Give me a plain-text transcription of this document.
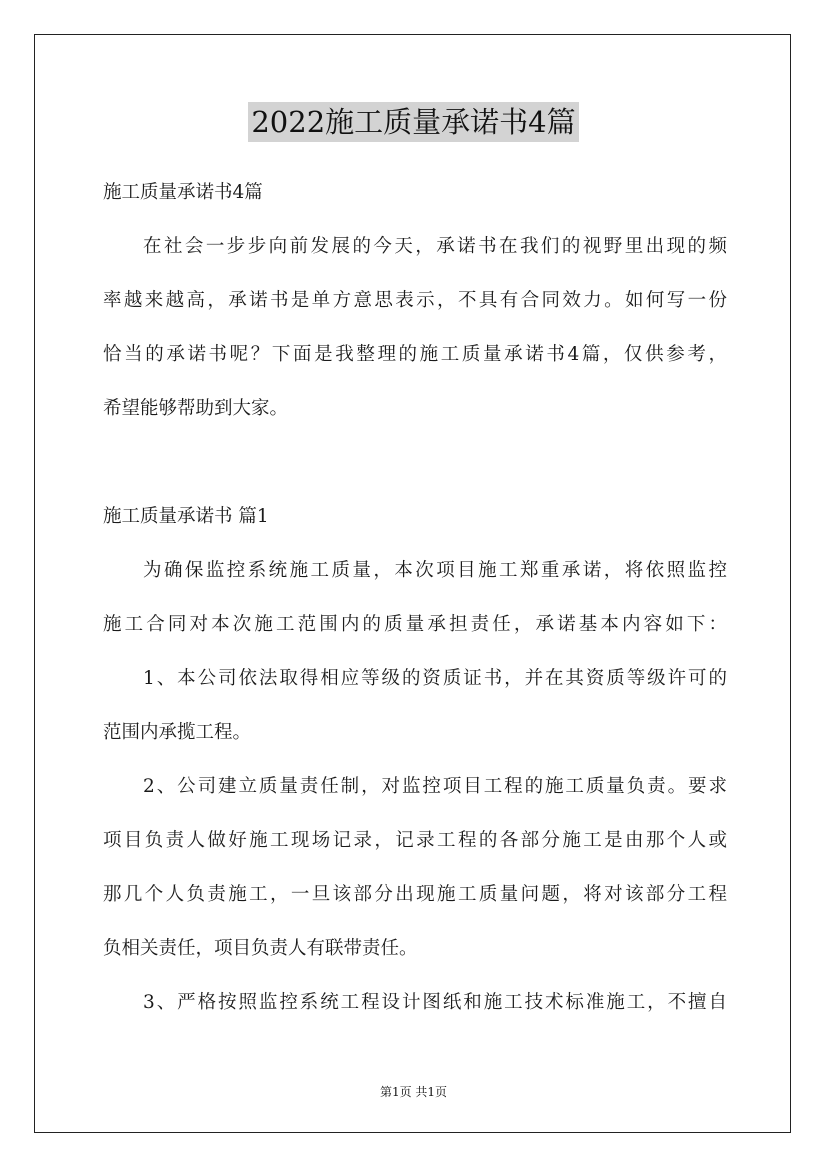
2022施工质量承诺书4篇
施工质量承诺书4篇
在社会一步步向前发展的今天，承诺书在我们的视野里出现的频
率越来越高，承诺书是单方意思表示，不具有合同效力。如何写一份
恰当的承诺书呢？下面是我整理的施工质量承诺书4篇，仅供参考，
希望能够帮助到大家。
施工质量承诺书 篇1
为确保监控系统施工质量，本次项目施工郑重承诺，将依照监控
施工合同对本次施工范围内的质量承担责任，承诺基本内容如下：
1、本公司依法取得相应等级的资质证书，并在其资质等级许可的
范围内承揽工程。
2、公司建立质量责任制，对监控项目工程的施工质量负责。要求
项目负责人做好施工现场记录，记录工程的各部分施工是由那个人或
那几个人负责施工，一旦该部分出现施工质量问题，将对该部分工程
负相关责任，项目负责人有联带责任。
3、严格按照监控系统工程设计图纸和施工技术标准施工，不擅自
第1页 共1页
